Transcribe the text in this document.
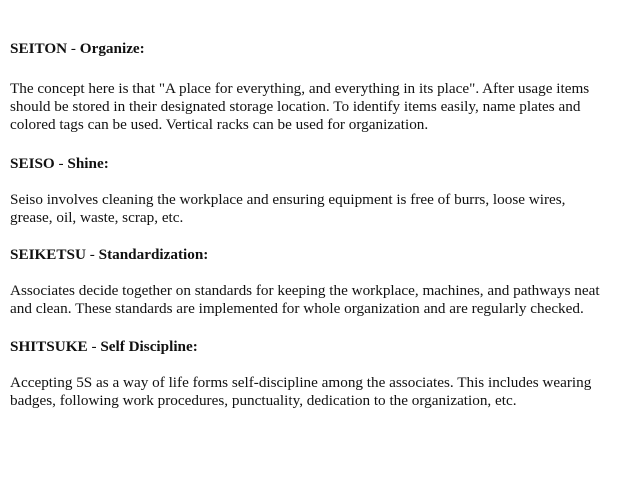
SEITON - Organize:

The concept here is that "A place for everything, and everything in its place". After usage items
should be stored in their designated storage location. To identify items easily, name plates and
colored tags can be used. Vertical racks can be used for organization.

SEISO - Shine:

Seiso involves cleaning the workplace and ensuring equipment is free of burrs, loose wires,
grease, oil, waste, scrap, etc.

SEIKETSU - Standardization:

Associates decide together on standards for keeping the workplace, machines, and pathways neat
and clean. These standards are implemented for whole organization and are regularly checked.

SHITSUKE - Self Discipline:

Accepting 5S as a way of life forms self-discipline among the associates. This includes wearing
badges, following work procedures, punctuality, dedication to the organization, etc.
